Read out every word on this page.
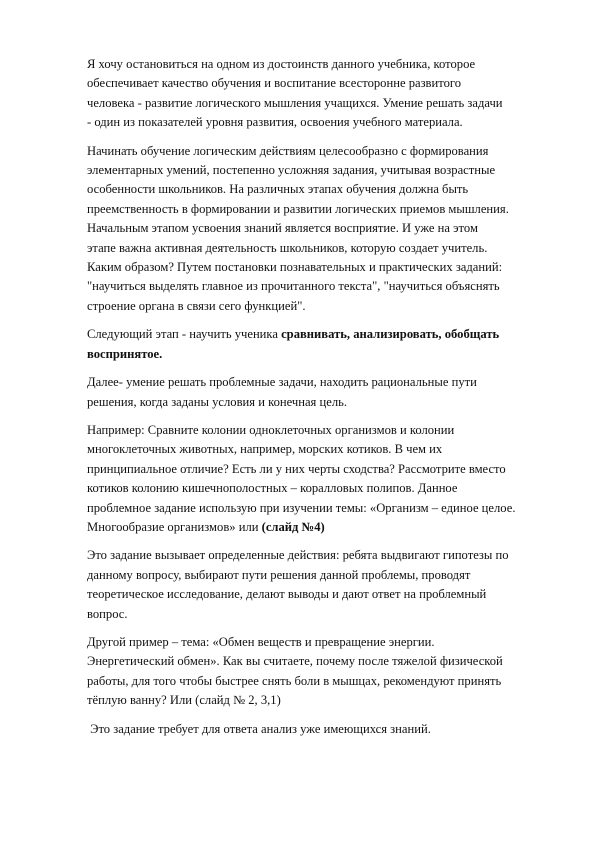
Я хочу остановиться на одном из достоинств данного учебника, которое
обеспечивает качество обучения и воспитание всесторонне развитого
человека - развитие логического мышления учащихся. Умение решать задачи
- один из показателей уровня развития, освоения учебного материала.

Начинать обучение логическим действиям целесообразно с формирования
элементарных умений, постепенно усложняя задания, учитывая возрастные
особенности школьников. На различных этапах обучения должна быть
преемственность в формировании и развитии логических приемов мышления.
Начальным этапом усвоения знаний является восприятие. И уже на этом
этапе важна активная деятельность школьников, которую создает учитель.
Каким образом? Путем постановки познавательных и практических заданий:
"научиться выделять главное из прочитанного текста", "научиться объяснять
строение органа в связи сего функцией".

Следующий этап - научить ученика сравнивать, анализировать, обобщать
воспринятое.

Далее- умение решать проблемные задачи, находить рациональные пути
решения, когда заданы условия и конечная цель.

Например: Сравните колонии одноклеточных организмов и колонии
многоклеточных животных, например, морских котиков. В чем их
принципиальное отличие? Есть ли у них черты сходства? Рассмотрите вместо
котиков колонию кишечнополостных – коралловых полипов. Данное
проблемное задание использую при изучении темы: «Организм – единое целое.
Многообразие организмов» или (слайд №4)

Это задание вызывает определенные действия: ребята выдвигают гипотезы по
данному вопросу, выбирают пути решения данной проблемы, проводят
теоретическое исследование, делают выводы и дают ответ на проблемный
вопрос.

Другой пример – тема: «Обмен веществ и превращение энергии.
Энергетический обмен». Как вы считаете, почему после тяжелой физической
работы, для того чтобы быстрее снять боли в мышцах, рекомендуют принять
тёплую ванну? Или (слайд № 2, 3,1)

Это задание требует для ответа анализ уже имеющихся знаний.
